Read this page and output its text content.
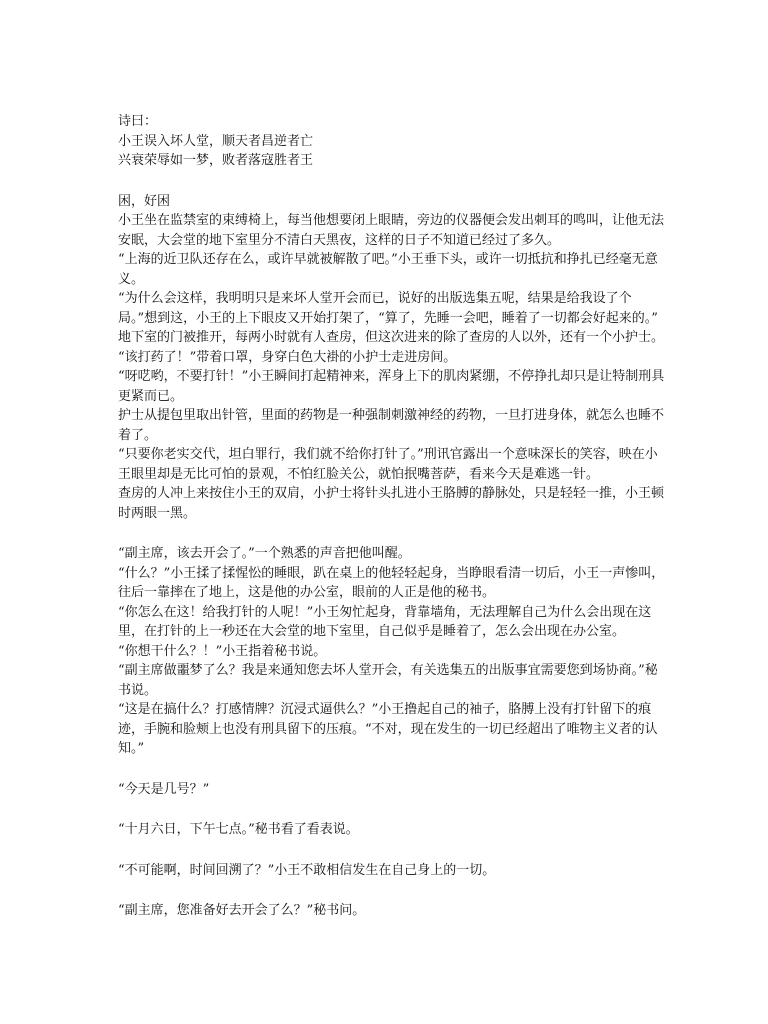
诗曰：

小王误入坏人堂，顺天者昌逆者亡

兴衰荣辱如一梦，败者落寇胜者王

困，好困

小王坐在监禁室的束缚椅上，每当他想要闭上眼睛，旁边的仪器便会发出刺耳的鸣叫，让他无法安眠，大会堂的地下室里分不清白天黑夜，这样的日子不知道已经过了多久。

“上海的近卫队还存在么，或许早就被解散了吧。”小王垂下头，或许一切抵抗和挣扎已经毫无意义。

“为什么会这样，我明明只是来坏人堂开会而已，说好的出版选集五呢，结果是给我设了个局。”想到这，小王的上下眼皮又开始打架了，“算了，先睡一会吧，睡着了一切都会好起来的。”

地下室的门被推开，每两小时就有人查房，但这次进来的除了查房的人以外，还有一个小护士。

“该打药了！”带着口罩，身穿白色大褂的小护士走进房间。

“呀呓哟，不要打针！”小王瞬间打起精神来，浑身上下的肌肉紧绷，不停挣扎却只是让特制刑具更紧而已。

护士从提包里取出针管，里面的药物是一种强制刺激神经的药物，一旦打进身体，就怎么也睡不着了。

“只要你老实交代，坦白罪行，我们就不给你打针了。”刑讯官露出一个意味深长的笑容，映在小王眼里却是无比可怕的景观，不怕红脸关公，就怕抿嘴菩萨，看来今天是难逃一针。

查房的人冲上来按住小王的双肩，小护士将针头扎进小王胳膊的静脉处，只是轻轻一推，小王顿时两眼一黑。

“副主席，该去开会了。”一个熟悉的声音把他叫醒。

“什么？”小王揉了揉惺忪的睡眼，趴在桌上的他轻轻起身，当睁眼看清一切后，小王一声惨叫，往后一靠摔在了地上，这是他的办公室，眼前的人正是他的秘书。

“你怎么在这！给我打针的人呢！”小王匆忙起身，背靠墙角，无法理解自己为什么会出现在这里，在打针的上一秒还在大会堂的地下室里，自己似乎是睡着了，怎么会出现在办公室。

“你想干什么？！”小王指着秘书说。

“副主席做噩梦了么？我是来通知您去坏人堂开会，有关选集五的出版事宜需要您到场协商。”秘书说。

“这是在搞什么？打感情牌？沉浸式逼供么？”小王撸起自己的袖子，胳膊上没有打针留下的痕迹，手腕和脸颊上也没有刑具留下的压痕。“不对，现在发生的一切已经超出了唯物主义者的认知。”

“今天是几号？”

“十月六日，下午七点。”秘书看了看表说。

“不可能啊，时间回溯了？”小王不敢相信发生在自己身上的一切。

“副主席，您准备好去开会了么？”秘书问。
